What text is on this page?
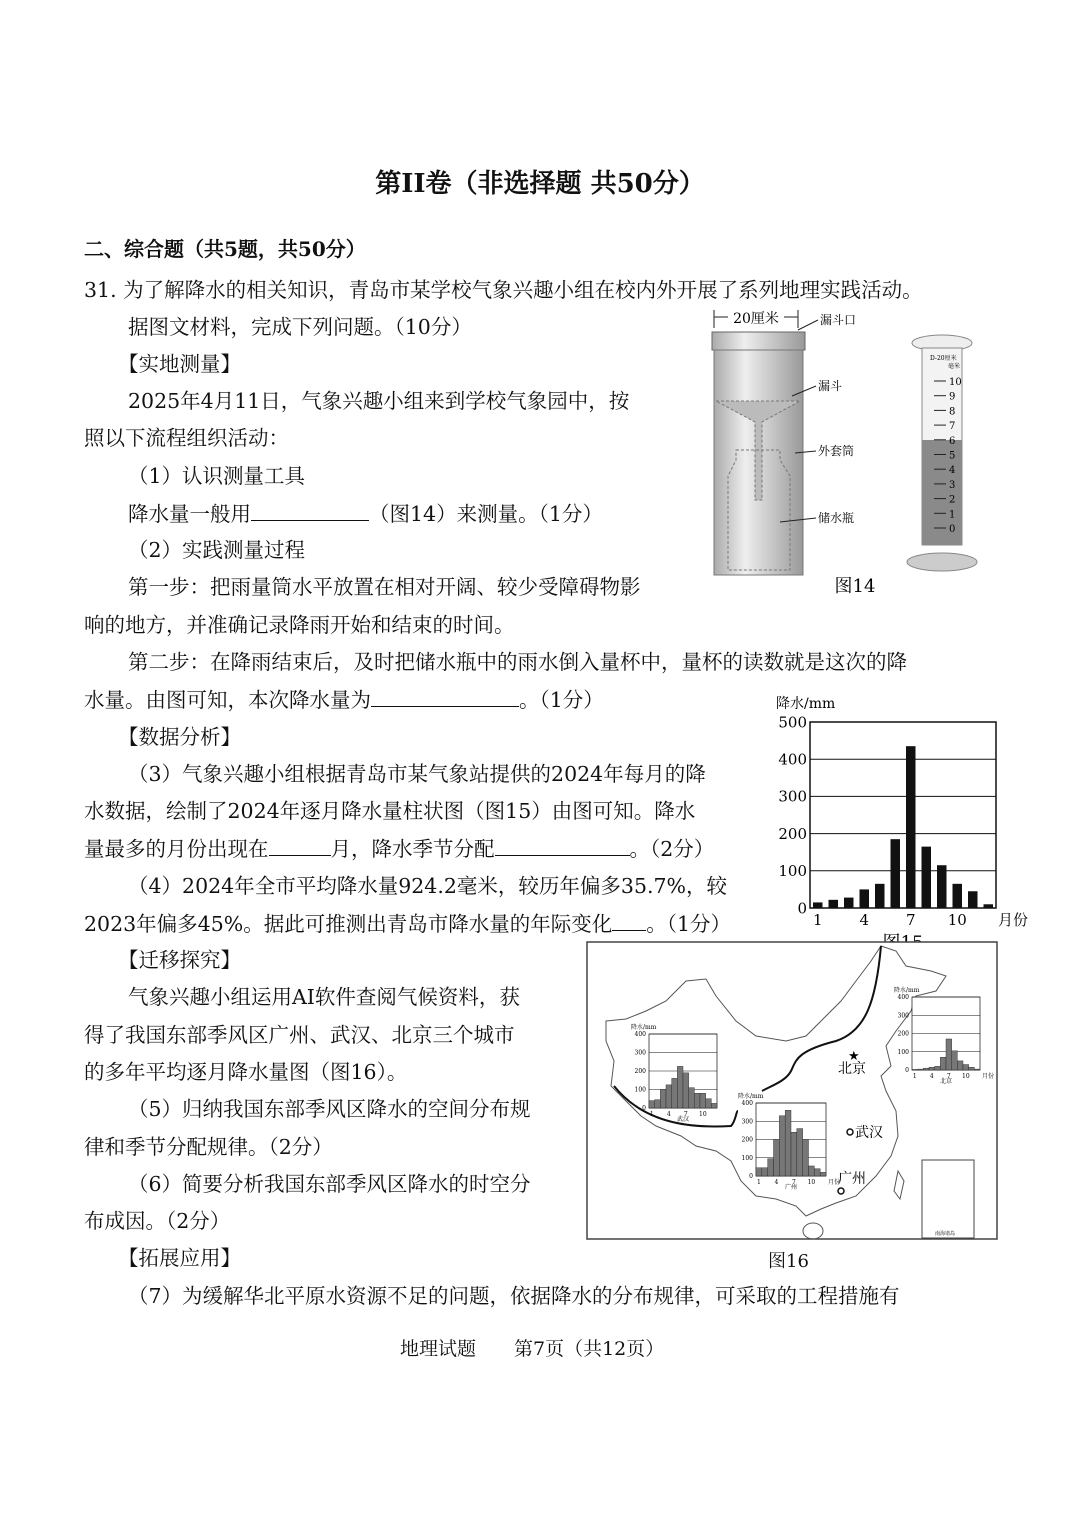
第II卷（非选择题 共50分）
二、综合题（共5题，共50分）
31. 为了解降水的相关知识，青岛市某学校气象兴趣小组在校内外开展了系列地理实践活动。
据图文材料，完成下列问题。（10分）
【实地测量】
2025年4月11日，气象兴趣小组来到学校气象园中，按
照以下流程组织活动：
（1）认识测量工具
降水量一般用	（图14）来测量。（1分）
（2）实践测量过程
第一步：把雨量筒水平放置在相对开阔、较少受障碍物影
响的地方，并准确记录降雨开始和结束的时间。
第二步：在降雨结束后，及时把储水瓶中的雨水倒入量杯中，量杯的读数就是这次的降
水量。由图可知，本次降水量为	。（1分）
【数据分析】
（3）气象兴趣小组根据青岛市某气象站提供的2024年每月的降
水数据，绘制了2024年逐月降水量柱状图（图15）由图可知。降水
量最多的月份出现在	月，降水季节分配	。（2分）
（4）2024年全市平均降水量924.2毫米，较历年偏多35.7%，较
2023年偏多45%。据此可推测出青岛市降水量的年际变化 。（1分）
【迁移探究】
气象兴趣小组运用AI软件查阅气候资料，获
得了我国东部季风区广州、武汉、北京三个城市
的多年平均逐月降水量图（图16）。
（5）归纳我国东部季风区降水的空间分布规
律和季节分配规律。（2分）
（6）简要分析我国东部季风区降水的时空分
布成因。（2分）
【拓展应用】
（7）为缓解华北平原水资源不足的问题，依据降水的分布规律，可采取的工程措施有
地理试题　　第7页（共12页）
20厘米	漏斗口
漏斗
外套筒
储水瓶
D-20厘米
毫米
0
1
2
3
4
5
6
7
8
9
10
图14
0
100
200
300
400
500
1 4 7 10
降水/mm
月份
★
北京
武汉
广州
南海诸岛
0
100
200
300
400
1 4 7 10
降水/mm
武汉
0
100
200
300
400
1 4 7 10
降水/mm
月份
广州
0
100
200
300
400
1 4 7 10
降水/mm
月份
北京
图16
